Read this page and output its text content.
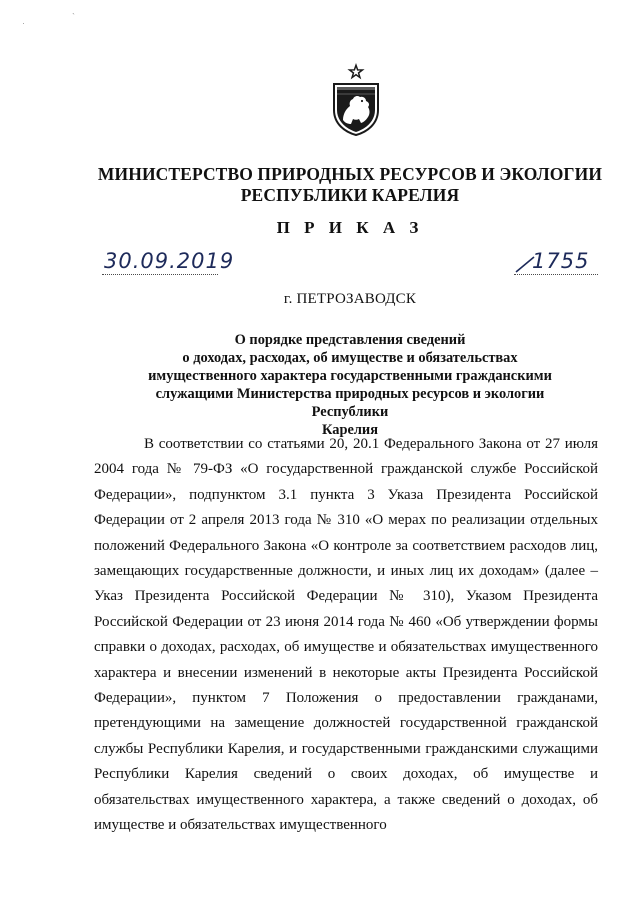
·
`
МИНИСТЕРСТВО ПРИРОДНЫХ РЕСУРСОВ И ЭКОЛОГИИ
РЕСПУБЛИКИ КАРЕЛИЯ
П Р И К А З
30.09.2019	1755
г. ПЕТРОЗАВОДСК
О порядке представления сведений
о доходах, расходах, об имуществе и обязательствах
имущественного характера государственными гражданскими
служащими Министерства природных ресурсов и экологии Республики
Карелия

В соответствии со статьями 20, 20.1 Федерального Закона от 27 июля 2004 года № 79-ФЗ «О государственной гражданской службе Российской Федерации», подпунктом 3.1 пункта 3 Указа Президента Российской Федерации от 2 апреля 2013 года № 310 «О мерах по реализации отдельных положений Федерального Закона «О контроле за соответствием расходов лиц, замещающих государственные должности, и иных лиц их доходам» (далее – Указ Президента Российской Федерации № 310), Указом Президента Российской Федерации от 23 июня 2014 года № 460 «Об утверждении формы справки о доходах, расходах, об имуществе и обязательствах имущественного характера и внесении изменений в некоторые акты Президента Российской Федерации», пунктом 7 Положения о предоставлении гражданами, претендующими на замещение должностей государственной гражданской службы Республики Карелия, и государственными гражданскими служащими Республики Карелия сведений о своих доходах, об имуществе и обязательствах имущественного характера, а также сведений о доходах, об имуществе и обязательствах имущественного
